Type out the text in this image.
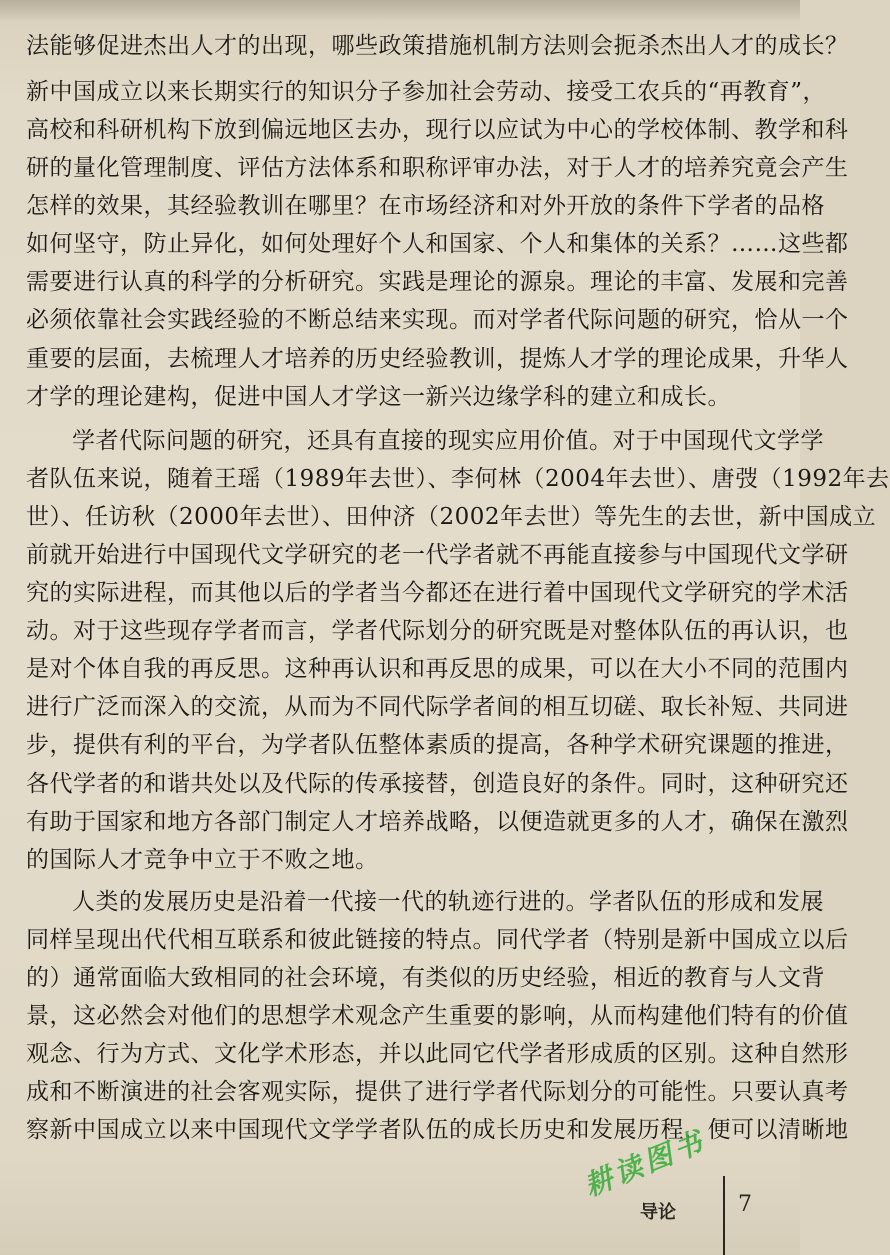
法能够促进杰出人才的出现，哪些政策措施机制方法则会扼杀杰出人才的成长？
新中国成立以来长期实行的知识分子参加社会劳动、接受工农兵的“再教育”，
高校和科研机构下放到偏远地区去办，现行以应试为中心的学校体制、教学和科
研的量化管理制度、评估方法体系和职称评审办法，对于人才的培养究竟会产生
怎样的效果，其经验教训在哪里？在市场经济和对外开放的条件下学者的品格
如何坚守，防止异化，如何处理好个人和国家、个人和集体的关系？……这些都
需要进行认真的科学的分析研究。实践是理论的源泉。理论的丰富、发展和完善
必须依靠社会实践经验的不断总结来实现。而对学者代际问题的研究，恰从一个
重要的层面，去梳理人才培养的历史经验教训，提炼人才学的理论成果，升华人
才学的理论建构，促进中国人才学这一新兴边缘学科的建立和成长。
学者代际问题的研究，还具有直接的现实应用价值。对于中国现代文学学
者队伍来说，随着王瑶（1989年去世）、李何林（2004年去世）、唐弢（1992年去
世）、任访秋（2000年去世）、田仲济（2002年去世）等先生的去世，新中国成立
前就开始进行中国现代文学研究的老一代学者就不再能直接参与中国现代文学研
究的实际进程，而其他以后的学者当今都还在进行着中国现代文学研究的学术活
动。对于这些现存学者而言，学者代际划分的研究既是对整体队伍的再认识，也
是对个体自我的再反思。这种再认识和再反思的成果，可以在大小不同的范围内
进行广泛而深入的交流，从而为不同代际学者间的相互切磋、取长补短、共同进
步，提供有利的平台，为学者队伍整体素质的提高，各种学术研究课题的推进，
各代学者的和谐共处以及代际的传承接替，创造良好的条件。同时，这种研究还
有助于国家和地方各部门制定人才培养战略，以便造就更多的人才，确保在激烈
的国际人才竞争中立于不败之地。
人类的发展历史是沿着一代接一代的轨迹行进的。学者队伍的形成和发展
同样呈现出代代相互联系和彼此链接的特点。同代学者（特别是新中国成立以后
的）通常面临大致相同的社会环境，有类似的历史经验，相近的教育与人文背
景，这必然会对他们的思想学术观念产生重要的影响，从而构建他们特有的价值
观念、行为方式、文化学术形态，并以此同它代学者形成质的区别。这种自然形
成和不断演进的社会客观实际，提供了进行学者代际划分的可能性。只要认真考
察新中国成立以来中国现代文学学者队伍的成长历史和发展历程，便可以清晰地
耕读图书
导论	7
